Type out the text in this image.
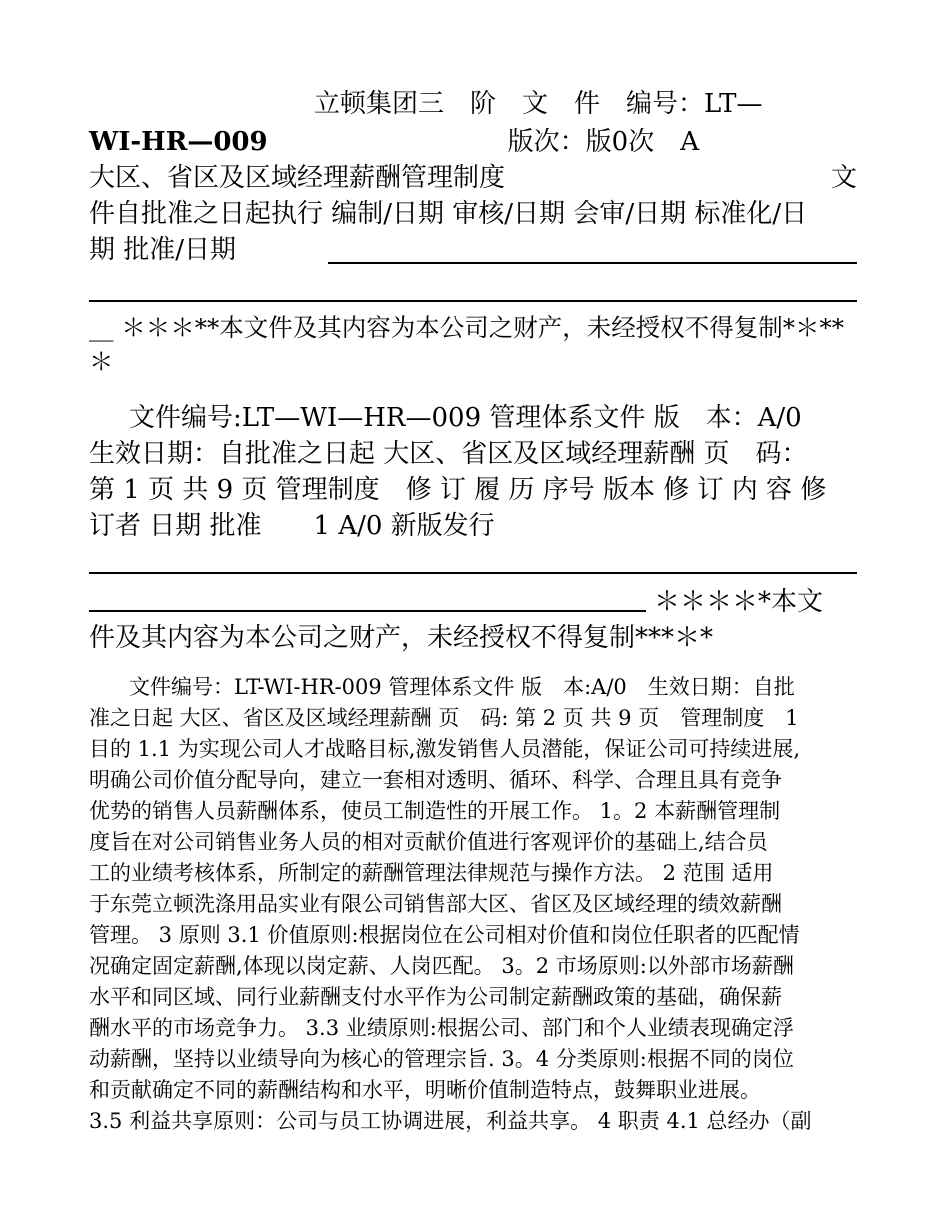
立顿集团三　阶　文　件　编号：LT—
WI-HR—009	版次：版0次　A
大区、省区及区域经理薪酬管理制度	文
件自批准之日起执行 编制/日期 审核/日期 会审/日期 标准化/日
期 批准/日期
__ ＊＊＊**本文件及其内容为本公司之财产，未经授权不得复制*＊**
＊
文件编号:LT—WI—HR—009 管理体系文件 版　本：A/0
生效日期：自批准之日起 大区、省区及区域经理薪酬 页　码：
第 1 页 共 9 页 管理制度　修 订 履 历 序号 版本 修 订 内 容 修
订者 日期 批准　　1 A/0 新版发行
＊＊＊＊*本文
件及其内容为本公司之财产，未经授权不得复制***＊*
文件编号：LT-WI-HR-009 管理体系文件 版　本:A/0　生效日期：自批
准之日起 大区、省区及区域经理薪酬 页　码: 第 2 页 共 9 页　管理制度　1
目的 1.1 为实现公司人才战略目标,激发销售人员潜能，保证公司可持续进展,
明确公司价值分配导向，建立一套相对透明、循环、科学、合理且具有竞争
优势的销售人员薪酬体系，使员工制造性的开展工作。 1。2 本薪酬管理制
度旨在对公司销售业务人员的相对贡献价值进行客观评价的基础上,结合员
工的业绩考核体系，所制定的薪酬管理法律规范与操作方法。 2 范围 适用
于东莞立顿洗涤用品实业有限公司销售部大区、省区及区域经理的绩效薪酬
管理。 3 原则 3.1 价值原则:根据岗位在公司相对价值和岗位任职者的匹配情
况确定固定薪酬,体现以岗定薪、人岗匹配。 3。2 市场原则:以外部市场薪酬
水平和同区域、同行业薪酬支付水平作为公司制定薪酬政策的基础，确保薪
酬水平的市场竞争力。 3.3 业绩原则:根据公司、部门和个人业绩表现确定浮
动薪酬，坚持以业绩导向为核心的管理宗旨. 3。4 分类原则:根据不同的岗位
和贡献确定不同的薪酬结构和水平，明晰价值制造特点，鼓舞职业进展。
3.5 利益共享原则：公司与员工协调进展，利益共享。 4 职责 4.1 总经办（副
